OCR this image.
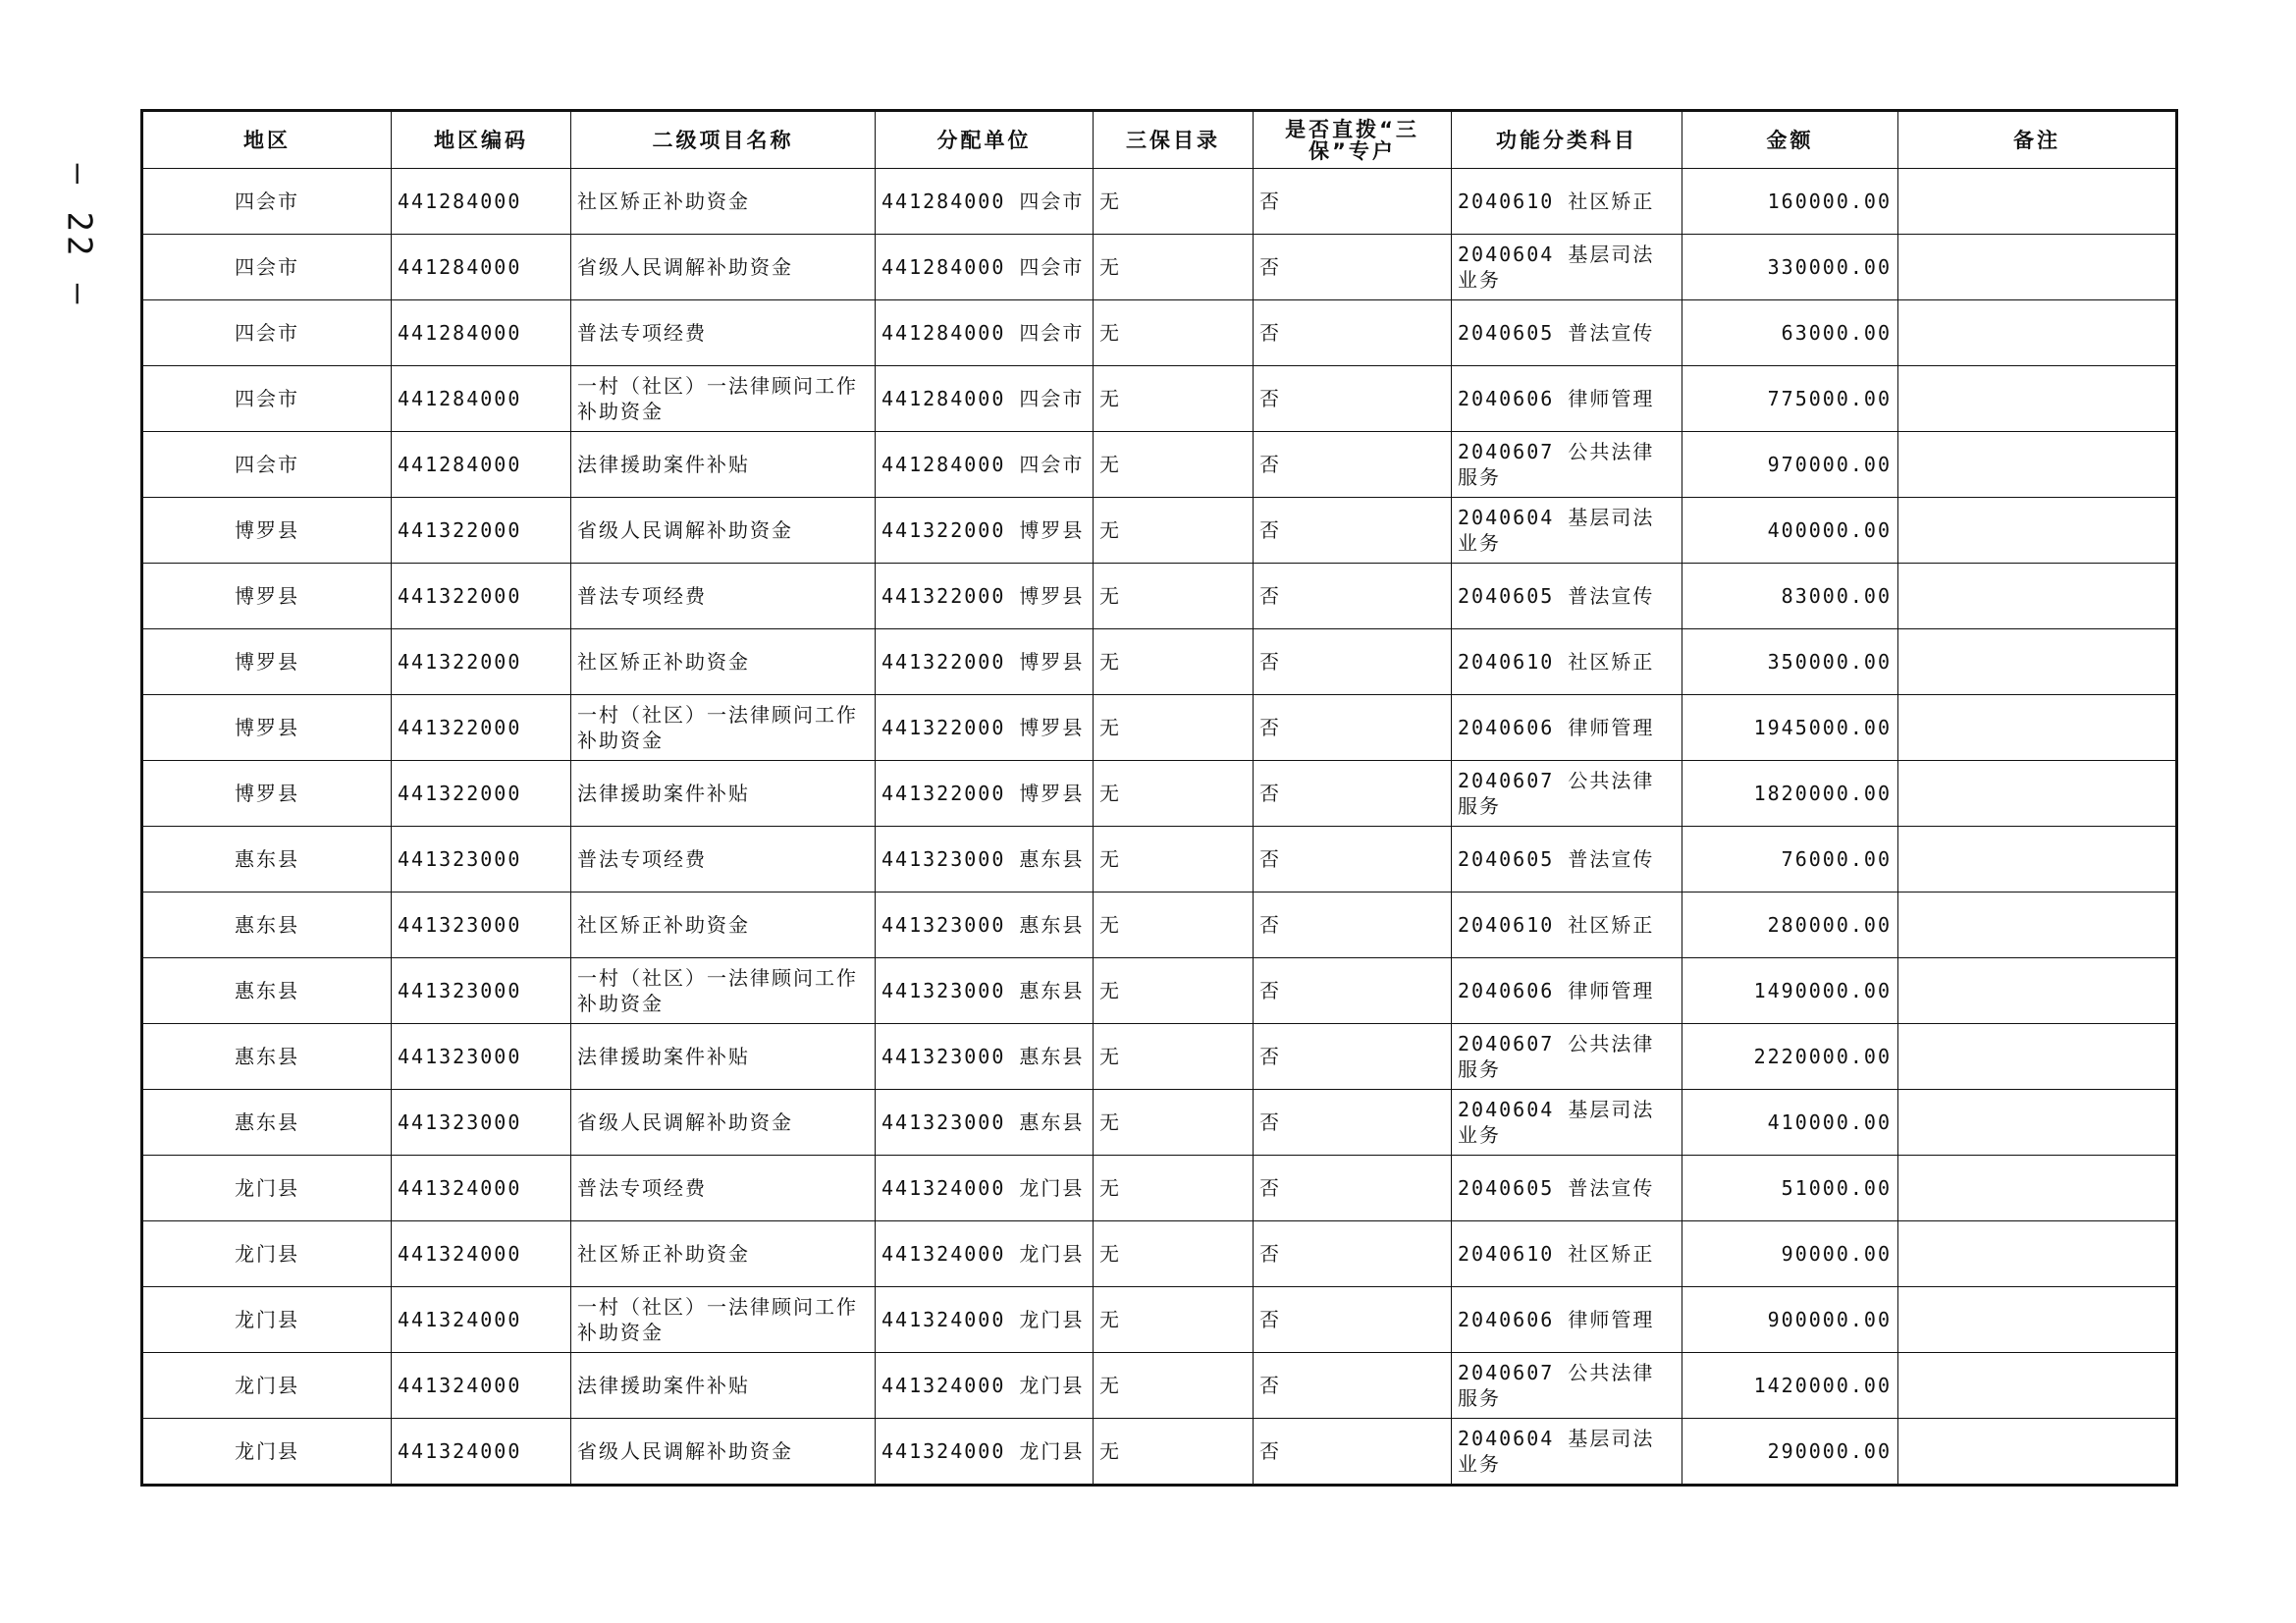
— 22 —
地区	地区编码	二级项目名称	分配单位	三保目录	是否直拨“三保”专户	功能分类科目	金额	备注
四会市	441284000	社区矫正补助资金	441284000 四会市	无	否	2040610 社区矫正	160000.00	
四会市	441284000	省级人民调解补助资金	441284000 四会市	无	否	2040604 基层司法业务	330000.00	
四会市	441284000	普法专项经费	441284000 四会市	无	否	2040605 普法宣传	63000.00	
四会市	441284000	一村（社区）一法律顾问工作补助资金	441284000 四会市	无	否	2040606 律师管理	775000.00	
四会市	441284000	法律援助案件补贴	441284000 四会市	无	否	2040607 公共法律服务	970000.00	
博罗县	441322000	省级人民调解补助资金	441322000 博罗县	无	否	2040604 基层司法业务	400000.00	
博罗县	441322000	普法专项经费	441322000 博罗县	无	否	2040605 普法宣传	83000.00	
博罗县	441322000	社区矫正补助资金	441322000 博罗县	无	否	2040610 社区矫正	350000.00	
博罗县	441322000	一村（社区）一法律顾问工作补助资金	441322000 博罗县	无	否	2040606 律师管理	1945000.00	
博罗县	441322000	法律援助案件补贴	441322000 博罗县	无	否	2040607 公共法律服务	1820000.00	
惠东县	441323000	普法专项经费	441323000 惠东县	无	否	2040605 普法宣传	76000.00	
惠东县	441323000	社区矫正补助资金	441323000 惠东县	无	否	2040610 社区矫正	280000.00	
惠东县	441323000	一村（社区）一法律顾问工作补助资金	441323000 惠东县	无	否	2040606 律师管理	1490000.00	
惠东县	441323000	法律援助案件补贴	441323000 惠东县	无	否	2040607 公共法律服务	2220000.00	
惠东县	441323000	省级人民调解补助资金	441323000 惠东县	无	否	2040604 基层司法业务	410000.00	
龙门县	441324000	普法专项经费	441324000 龙门县	无	否	2040605 普法宣传	51000.00	
龙门县	441324000	社区矫正补助资金	441324000 龙门县	无	否	2040610 社区矫正	90000.00	
龙门县	441324000	一村（社区）一法律顾问工作补助资金	441324000 龙门县	无	否	2040606 律师管理	900000.00	
龙门县	441324000	法律援助案件补贴	441324000 龙门县	无	否	2040607 公共法律服务	1420000.00	
龙门县	441324000	省级人民调解补助资金	441324000 龙门县	无	否	2040604 基层司法业务	290000.00	
